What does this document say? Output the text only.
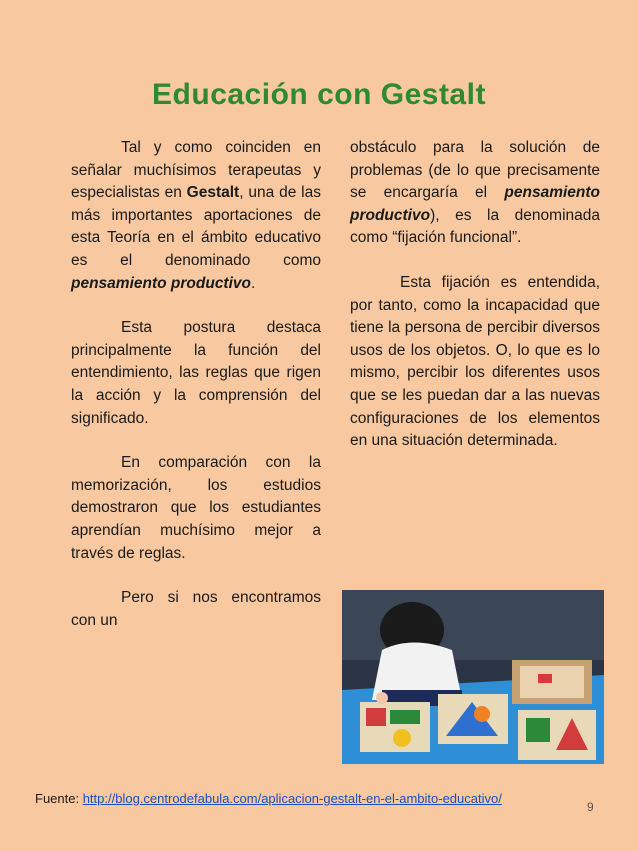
Educación con Gestalt

Tal y como coinciden en señalar muchísimos terapeutas y especialistas en Gestalt, una de las más importantes aportaciones de esta Teoría en el ámbito educativo es el denominado como pensamiento productivo.

Esta postura destaca principalmente la función del entendimiento, las reglas que rigen la acción y la comprensión del significado.

En comparación con la memorización, los estudios demostraron que los estudiantes aprendían muchísimo mejor a través de reglas.

Pero si nos encontramos con un

obstáculo para la solución de problemas (de lo que precisamente se encargaría el pensamiento productivo), es la denominada como “fijación funcional”.

Esta fijación es entendida, por tanto, como la incapacidad que tiene la persona de percibir diversos usos de los objetos. O, lo que es lo mismo, percibir los diferentes usos que se les puedan dar a las nuevas configuraciones de los elementos en una situación determinada.

Fuente: http://blog.centrodefabula.com/aplicacion-gestalt-en-el-ambito-educativo/
9
